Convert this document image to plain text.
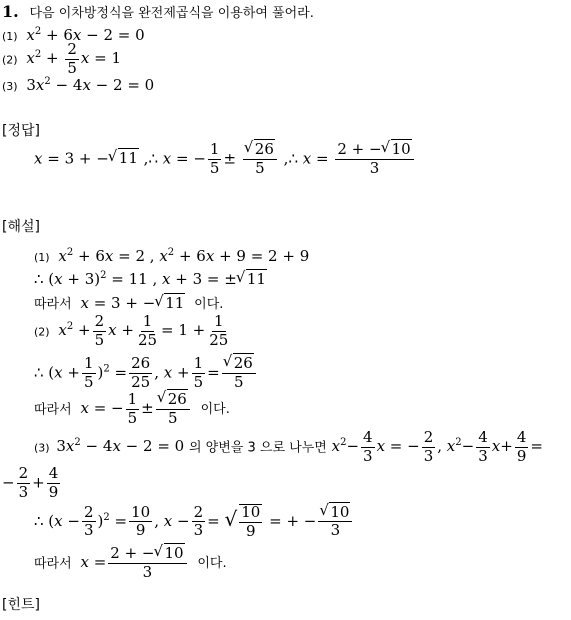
1. 다음 이차방정식을 완전제곱식을 이용하여 풀어라.
(1) $x^2 + 6x - 2 = 0$
(2) $x^2 + \frac{2}{5}$ x = 1
(3) $3x^2 - 4x - 2 = 0$
[정답]
x = 3 + − √ 11 ,∴ x = − $\frac{1}{5}$ ± √ $\frac{26}{5}$ ,∴ $x = \frac{2 + - √ 10}{3}$
[해설]
(1) $x^2 + 6x = 2$ , $x^2 + 6x + 9 = 2 + 9$
∴ $(x + 3)^2 = 11$ , x + 3 = ± √ 11
따라서 x = 3 + − √ 11 이다.
(2) $x^2 + \frac{2}{5}$ $x + \frac{1}{25} = 1 + \frac{1}{25}$
∴ $(x + \frac{1}{5} )^2 = \frac{26}{25}$ , $x + \frac{1}{5}$ = √ $\frac{26}{5}$
따라서 x = − $\frac{1}{5}$ ± √ $\frac{26}{5}$ 이다.
(3) $3x^2 - 4x - 2 = 0$ 의 양변을 3 으로 나누면 $x^2- \frac{4}{3}$ x = − $\frac{2}{3}$ , $x^2- \frac{4}{3} x+ \frac{4}{9}$ =
− $\frac{2}{3} + \frac{4}{9}$
∴ $(x - \frac{2}{3} )^2 = \frac{10}{9}$ , $x - \frac{2}{3}$ = √ $\frac{10}{9}$ = + − √ $\frac{10}{3}$
따라서 $x = \frac{2 + - √ 10}{3}$ 이다.
[힌트]
